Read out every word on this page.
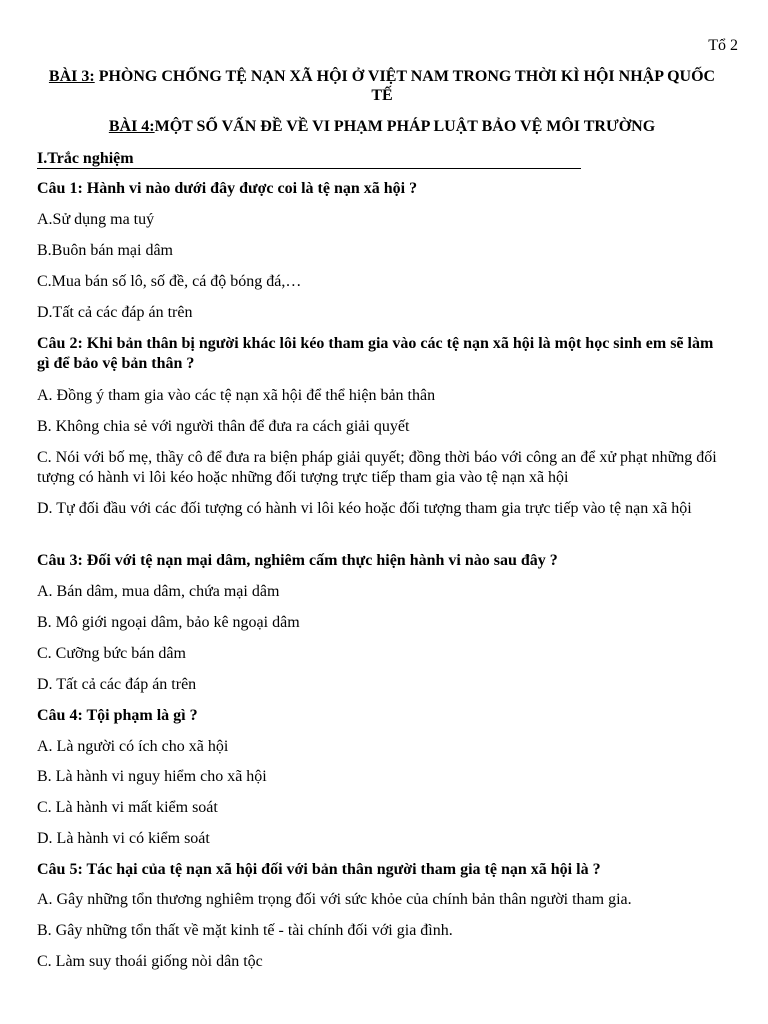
Tổ 2

BÀI 3: PHÒNG CHỐNG TỆ NẠN XÃ HỘI Ở VIỆT NAM TRONG THỜI KÌ HỘI NHẬP QUỐC TẾ

BÀI 4:MỘT SỐ VẤN ĐỀ VỀ VI PHẠM PHÁP LUẬT BẢO VỆ MÔI TRƯỜNG

I.Trắc nghiệm

Câu 1: Hành vi nào dưới đây được coi là tệ nạn xã hội ?

A.Sử dụng ma tuý

B.Buôn bán mại dâm

C.Mua bán số lô, số đề, cá độ bóng đá,…

D.Tất cả các đáp án trên

Câu 2: Khi bản thân bị người khác lôi kéo tham gia vào các tệ nạn xã hội là một học sinh em sẽ làm gì để bảo vệ bản thân ?

A. Đồng ý tham gia vào các tệ nạn xã hội để thể hiện bản thân

B. Không chia sẻ với người thân để đưa ra cách giải quyết

C. Nói với bố mẹ, thầy cô để đưa ra biện pháp giải quyết; đồng thời báo với công an để xử phạt những đối tượng có hành vi lôi kéo hoặc những đối tượng trực tiếp tham gia vào tệ nạn xã hội

D. Tự đối đầu với các đối tượng có hành vi lôi kéo hoặc đối tượng tham gia trực tiếp vào tệ nạn xã hội

Câu 3: Đối với tệ nạn mại dâm, nghiêm cấm thực hiện hành vi nào sau đây ?

A. Bán dâm, mua dâm, chứa mại dâm

B. Mô giới ngoại dâm, bảo kê ngoại dâm

C. Cưỡng bức bán dâm

D. Tất cả các đáp án trên

Câu 4: Tội phạm là gì ?

A. Là người có ích cho xã hội

B. Là hành vi nguy hiểm cho xã hội

C. Là hành vi mất kiểm soát

D. Là hành vi có kiểm soát

Câu 5: Tác hại của tệ nạn xã hội đối với bản thân người tham gia tệ nạn xã hội là ?

A. Gây những tổn thương nghiêm trọng đối với sức khỏe của chính bản thân người tham gia.

B. Gây những tổn thất về mặt kinh tế - tài chính đối với gia đình.

C. Làm suy thoái giống nòi dân tộc
